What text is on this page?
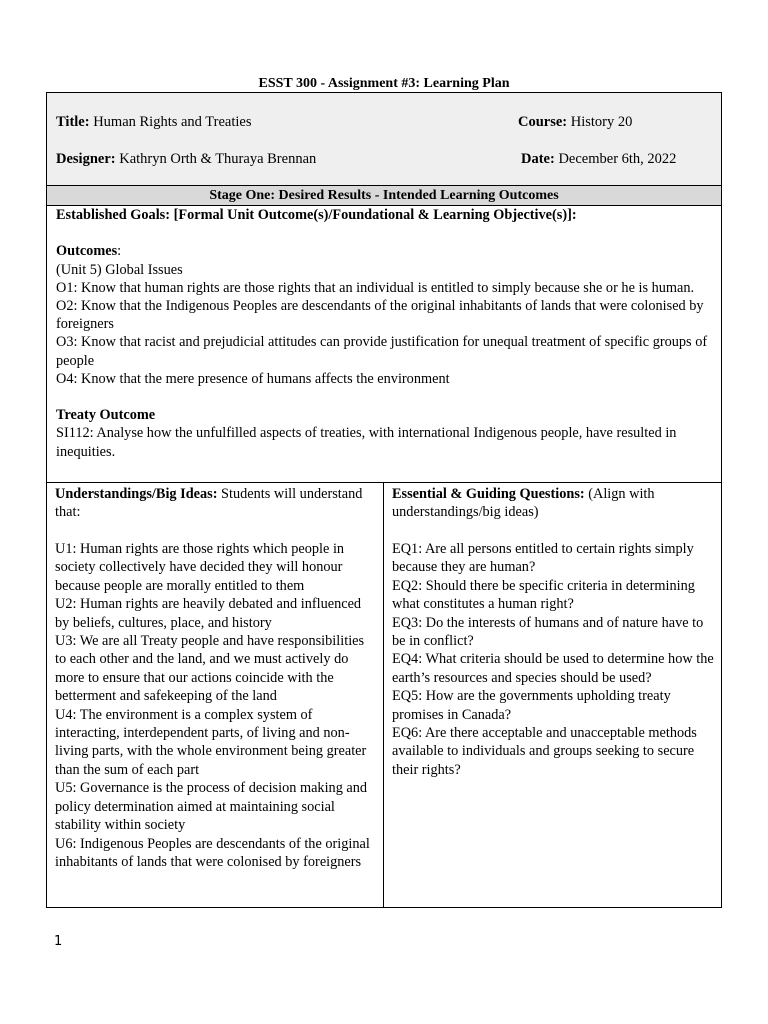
ESST 300 - Assignment #3: Learning Plan
Title: Human Rights and Treaties	Course: History 20
Designer: Kathryn Orth & Thuraya Brennan	Date: December 6th, 2022
Stage One: Desired Results - Intended Learning Outcomes

Established Goals: [Formal Unit Outcome(s)/Foundational & Learning Objective(s)]:

Outcomes:

(Unit 5) Global Issues

O1: Know that human rights are those rights that an individual is entitled to simply because she or he is human.

O2: Know that the Indigenous Peoples are descendants of the original inhabitants of lands that were colonised by foreigners

O3: Know that racist and prejudicial attitudes can provide justification for unequal treatment of specific groups of people

O4: Know that the mere presence of humans affects the environment

Treaty Outcome

SI112: Analyse how the unfulfilled aspects of treaties, with international Indigenous people, have resulted in inequities.

Understandings/Big Ideas: Students will understand that:

U1: Human rights are those rights which people in society collectively have decided they will honour because people are morally entitled to them

U2: Human rights are heavily debated and influenced by beliefs, cultures, place, and history

U3: We are all Treaty people and have responsibilities to each other and the land, and we must actively do more to ensure that our actions coincide with the betterment and safekeeping of the land

U4: The environment is a complex system of interacting, interdependent parts, of living and non-living parts, with the whole environment being greater than the sum of each part

U5: Governance is the process of decision making and policy determination aimed at maintaining social stability within society

U6: Indigenous Peoples are descendants of the original inhabitants of lands that were colonised by foreigners

Essential & Guiding Questions: (Align with understandings/big ideas)

EQ1: Are all persons entitled to certain rights simply because they are human?

EQ2: Should there be specific criteria in determining what constitutes a human right?

EQ3: Do the interests of humans and of nature have to be in conflict?

EQ4: What criteria should be used to determine how the earth’s resources and species should be used?

EQ5: How are the governments upholding treaty promises in Canada?

EQ6: Are there acceptable and unacceptable methods available to individuals and groups seeking to secure their rights?

1
